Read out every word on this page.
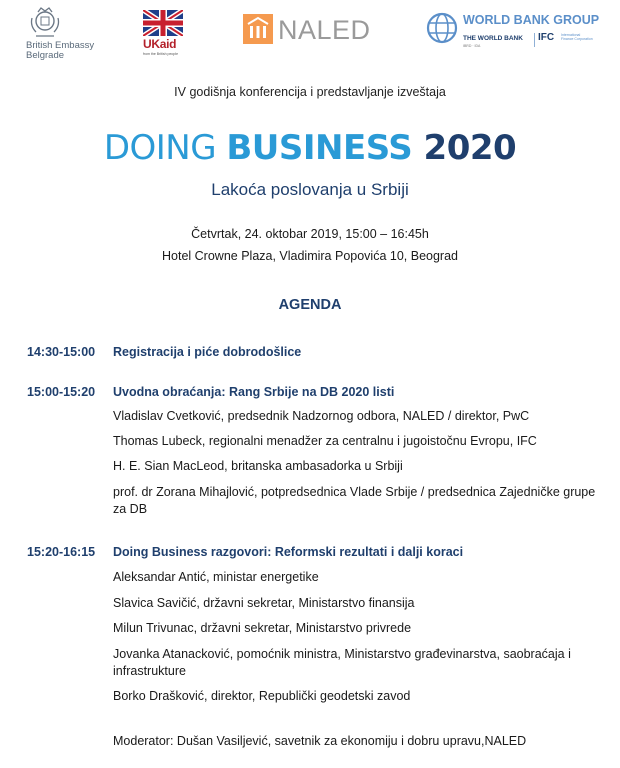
British Embassy
Belgrade
UKaid
from the British people
NALED	WORLD BANK GROUP
THE WORLD BANK
IBRD · IDA
IFC International
Finance Corporation
IV godišnja konferencija i predstavljanje izveštaja
DOING BUSINESS 2020
Lakoća poslovanja u Srbiji
Četvrtak, 24. oktobar 2019, 15:00 – 16:45h
Hotel Crowne Plaza, Vladimira Popovića 10, Beograd
AGENDA
14:30-15:00 Registracija i piće dobrodošlice
15:00-15:20 Uvodna obraćanja: Rang Srbije na DB 2020 listi
Vladislav Cvetković, predsednik Nadzornog odbora, NALED / direktor, PwC
Thomas Lubeck, regionalni menadžer za centralnu i jugoistočnu Evropu, IFC
H. E. Sian MacLeod, britanska ambasadorka u Srbiji
prof. dr Zorana Mihajlović, potpredsednica Vlade Srbije / predsednica Zajedničke grupe za DB
15:20-16:15 Doing Business razgovori: Reformski rezultati i dalji koraci
Aleksandar Antić, ministar energetike
Slavica Savičić, državni sekretar, Ministarstvo finansija
Milun Trivunac, državni sekretar, Ministarstvo privrede
Jovanka Atanacković, pomoćnik ministra, Ministarstvo građevinarstva, saobraćaja i infrastrukture
Borko Drašković, direktor, Republički geodetski zavod
Moderator: Dušan Vasiljević, savetnik za ekonomiju i dobru upravu,NALED
